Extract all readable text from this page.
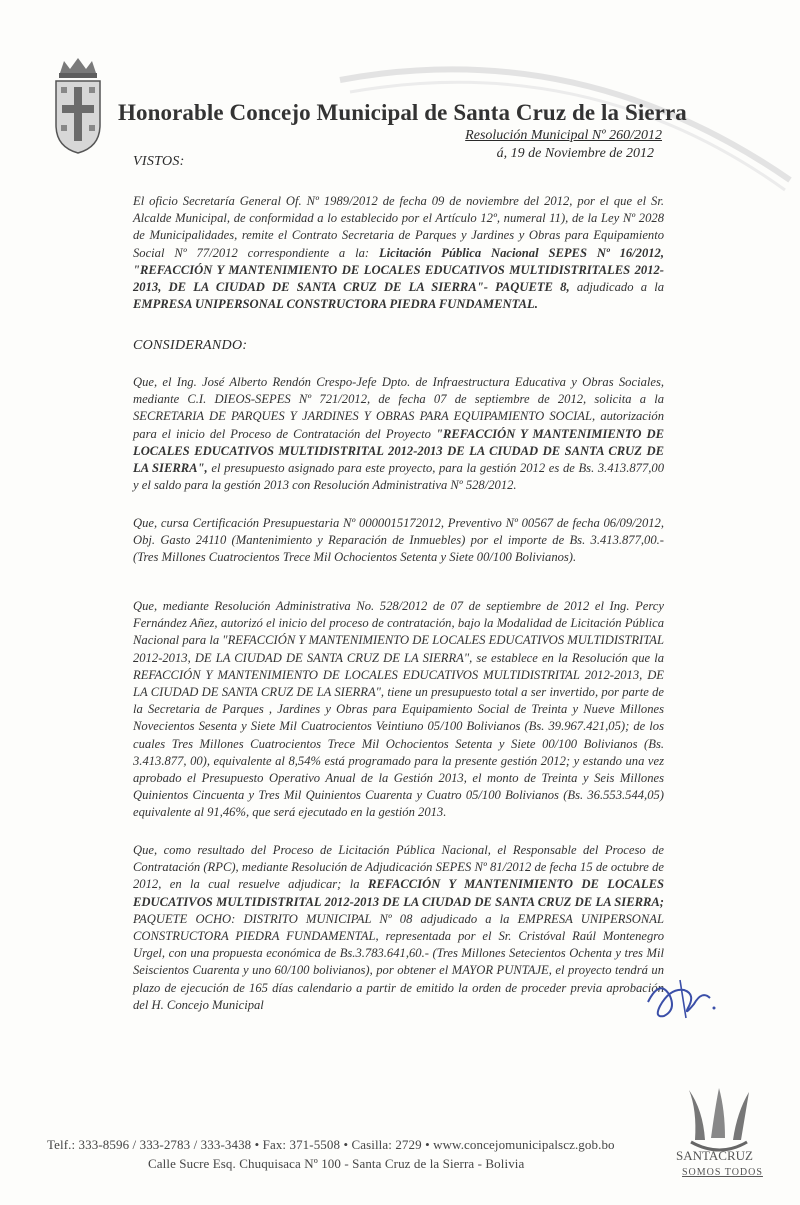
Honorable Concejo Municipal de Santa Cruz de la Sierra
Resolución Municipal Nº 260/2012
á, 19 de Noviembre de 2012
VISTOS:
El oficio Secretaría General Of. Nº 1989/2012 de fecha 09 de noviembre del 2012, por el que el Sr. Alcalde Municipal, de conformidad a lo establecido por el Artículo 12º, numeral 11), de la Ley Nº 2028 de Municipalidades, remite el Contrato Secretaria de Parques y Jardines y Obras para Equipamiento Social Nº 77/2012 correspondiente a la: Licitación Pública Nacional SEPES Nº 16/2012, "REFACCIÓN Y MANTENIMIENTO DE LOCALES EDUCATIVOS MULTIDISTRITALES 2012-2013, DE LA CIUDAD DE SANTA CRUZ DE LA SIERRA"- PAQUETE 8, adjudicado a la EMPRESA UNIPERSONAL CONSTRUCTORA PIEDRA FUNDAMENTAL.
CONSIDERANDO:
Que, el Ing. José Alberto Rendón Crespo-Jefe Dpto. de Infraestructura Educativa y Obras Sociales, mediante C.I. DIEOS-SEPES Nº 721/2012, de fecha 07 de septiembre de 2012, solicita a la SECRETARIA DE PARQUES Y JARDINES Y OBRAS PARA EQUIPAMIENTO SOCIAL, autorización para el inicio del Proceso de Contratación del Proyecto "REFACCIÓN Y MANTENIMIENTO DE LOCALES EDUCATIVOS MULTIDISTRITAL 2012-2013 DE LA CIUDAD DE SANTA CRUZ DE LA SIERRA", el presupuesto asignado para este proyecto, para la gestión 2012 es de Bs. 3.413.877,00 y el saldo para la gestión 2013 con Resolución Administrativa Nº 528/2012.
Que, cursa Certificación Presupuestaria Nº 0000015172012, Preventivo Nº 00567 de fecha 06/09/2012, Obj. Gasto 24110 (Mantenimiento y Reparación de Inmuebles) por el importe de Bs. 3.413.877,00.- (Tres Millones Cuatrocientos Trece Mil Ochocientos Setenta y Siete 00/100 Bolivianos).
Que, mediante Resolución Administrativa No. 528/2012 de 07 de septiembre de 2012 el Ing. Percy Fernández Añez, autorizó el inicio del proceso de contratación, bajo la Modalidad de Licitación Pública Nacional para la "REFACCIÓN Y MANTENIMIENTO DE LOCALES EDUCATIVOS MULTIDISTRITAL 2012-2013, DE LA CIUDAD DE SANTA CRUZ DE LA SIERRA", se establece en la Resolución que la REFACCIÓN Y MANTENIMIENTO DE LOCALES EDUCATIVOS MULTIDISTRITAL 2012-2013, DE LA CIUDAD DE SANTA CRUZ DE LA SIERRA", tiene un presupuesto total a ser invertido, por parte de la Secretaria de Parques , Jardines y Obras para Equipamiento Social de Treinta y Nueve Millones Novecientos Sesenta y Siete Mil Cuatrocientos Veintiuno 05/100 Bolivianos (Bs. 39.967.421,05); de los cuales Tres Millones Cuatrocientos Trece Mil Ochocientos Setenta y Siete 00/100 Bolivianos (Bs. 3.413.877, 00), equivalente al 8,54% está programado para la presente gestión 2012; y estando una vez aprobado el Presupuesto Operativo Anual de la Gestión 2013, el monto de Treinta y Seis Millones Quinientos Cincuenta y Tres Mil Quinientos Cuarenta y Cuatro 05/100 Bolivianos (Bs. 36.553.544,05) equivalente al 91,46%, que será ejecutado en la gestión 2013.
Que, como resultado del Proceso de Licitación Pública Nacional, el Responsable del Proceso de Contratación (RPC), mediante Resolución de Adjudicación SEPES Nº 81/2012 de fecha 15 de octubre de 2012, en la cual resuelve adjudicar; la REFACCIÓN Y MANTENIMIENTO DE LOCALES EDUCATIVOS MULTIDISTRITAL 2012-2013 DE LA CIUDAD DE SANTA CRUZ DE LA SIERRA; PAQUETE OCHO: DISTRITO MUNICIPAL Nº 08 adjudicado a la EMPRESA UNIPERSONAL CONSTRUCTORA PIEDRA FUNDAMENTAL, representada por el Sr. Cristóval Raúl Montenegro Urgel, con una propuesta económica de Bs.3.783.641,60.- (Tres Millones Setecientos Ochenta y tres Mil Seiscientos Cuarenta y uno 60/100 bolivianos), por obtener el MAYOR PUNTAJE, el proyecto tendrá un plazo de ejecución de 165 días calendario a partir de emitido la orden de proceder previa aprobación del H. Concejo Municipal
Telf.: 333-8596 / 333-2783 / 333-3438 • Fax: 371-5508 • Casilla: 2729 • www.concejomunicipalscz.gob.bo
Calle Sucre Esq. Chuquisaca Nº 100 - Santa Cruz de la Sierra - Bolivia
SANTACRUZ
SOMOS TODOS
